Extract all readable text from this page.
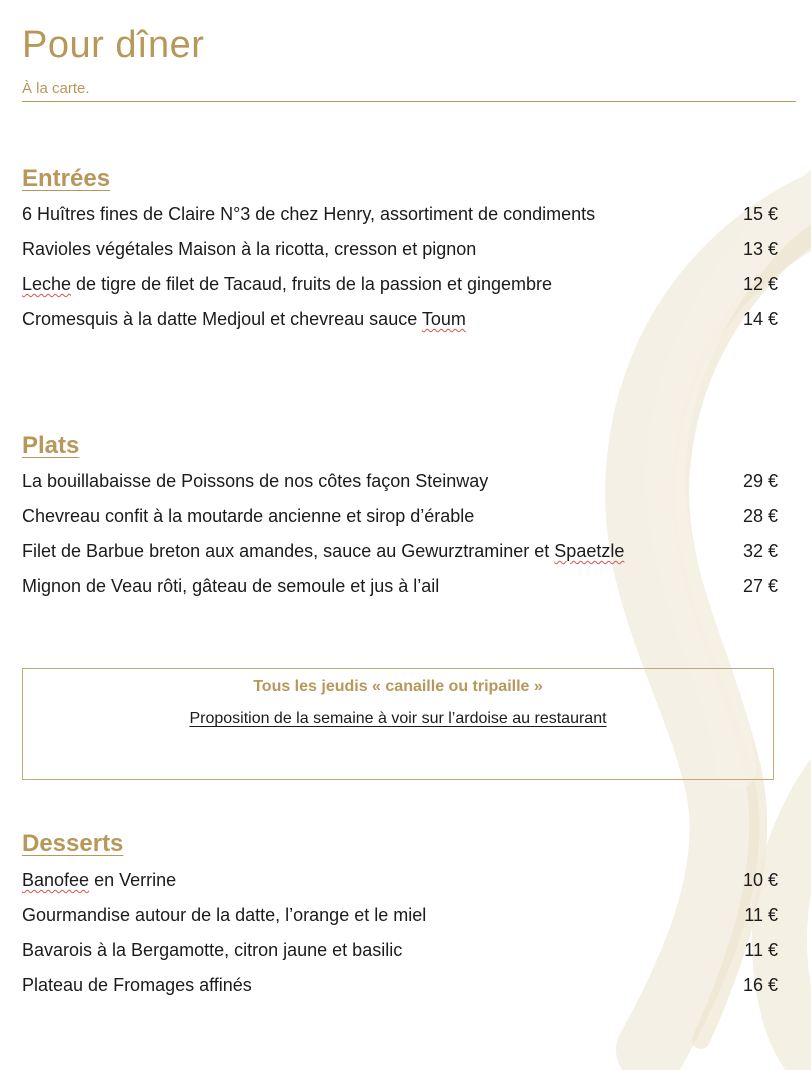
Pour dîner
À la carte.
Entrées
6 Huîtres fines de Claire N°3 de chez Henry, assortiment de condiments	15 €
Ravioles végétales Maison à la ricotta, cresson et pignon	13 €
Leche de tigre de filet de Tacaud, fruits de la passion et gingembre	12 €
Cromesquis à la datte Medjoul et chevreau sauce Toum	14 €
Plats
La bouillabaisse de Poissons de nos côtes façon Steinway	29 €
Chevreau confit à la moutarde ancienne et sirop d’érable	28 €
Filet de Barbue breton aux amandes, sauce au Gewurztraminer et Spaetzle	32 €
Mignon de Veau rôti, gâteau de semoule et jus à l’ail	27 €
Tous les jeudis « canaille ou tripaille »
Proposition de la semaine à voir sur l’ardoise au restaurant
Desserts
Banofee en Verrine	10 €
Gourmandise autour de la datte, l’orange et le miel	11 €
Bavarois à la Bergamotte, citron jaune et basilic	11 €
Plateau de Fromages affinés	16 €
